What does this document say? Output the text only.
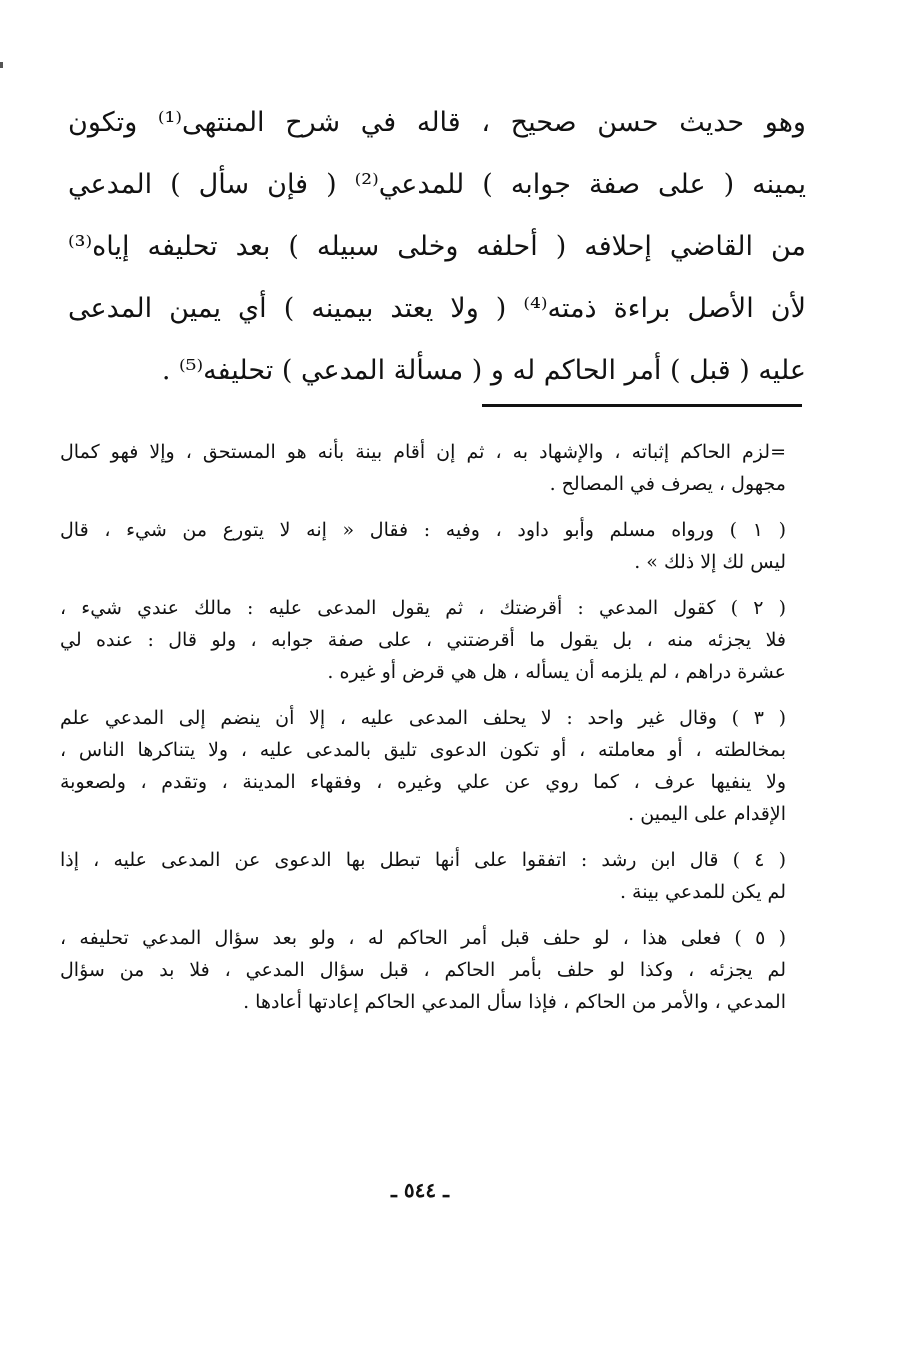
وهو حديث حسن صحيح ، قاله في شرح المنتهى⁽¹⁾ وتكون
يمينه ( على صفة جوابه ) للمدعي⁽²⁾ ( فإن سأل ) المدعي
من القاضي إحلافه ( أحلفه وخلى سبيله ) بعد تحليفه إياه⁽³⁾
لأن الأصل براءة ذمته⁽⁴⁾ ( ولا يعتد بيمينه ) أي يمين المدعى
عليه ( قبل ) أمر الحاكم له و ( مسألة المدعي ) تحليفه⁽⁵⁾ .
=لزم الحاكم إثباته ، والإشهاد به ، ثم إن أقام بينة بأنه هو المستحق ، وإلا فهو كمال
مجهول ، يصرف في المصالح .
( ١ ) ورواه مسلم وأبو داود ، وفيه : فقال « إنه لا يتورع من شيء ، قال
ليس لك إلا ذلك » .
( ٢ ) كقول المدعي : أقرضتك ، ثم يقول المدعى عليه : مالك عندي شيء ،
فلا يجزئه منه ، بل يقول ما أقرضتني ، على صفة جوابه ، ولو قال : عنده لي
عشرة دراهم ، لم يلزمه أن يسأله ، هل هي قرض أو غيره .
( ٣ ) وقال غير واحد : لا يحلف المدعى عليه ، إلا أن ينضم إلى المدعي علم
بمخالطته ، أو معاملته ، أو تكون الدعوى تليق بالمدعى عليه ، ولا يتناكرها الناس ،
ولا ينفيها عرف ، كما روي عن علي وغيره ، وفقهاء المدينة ، وتقدم ، ولصعوبة
الإقدام على اليمين .
( ٤ ) قال ابن رشد : اتفقوا على أنها تبطل بها الدعوى عن المدعى عليه ، إذا
لم يكن للمدعي بينة .
( ٥ ) فعلى هذا ، لو حلف قبل أمر الحاكم له ، ولو بعد سؤال المدعي تحليفه ،
لم يجزئه ، وكذا لو حلف بأمر الحاكم ، قبل سؤال المدعي ، فلا بد من سؤال
المدعي ، والأمر من الحاكم ، فإذا سأل المدعي الحاكم إعادتها أعادها .
ـ ٥٤٤ ـ
